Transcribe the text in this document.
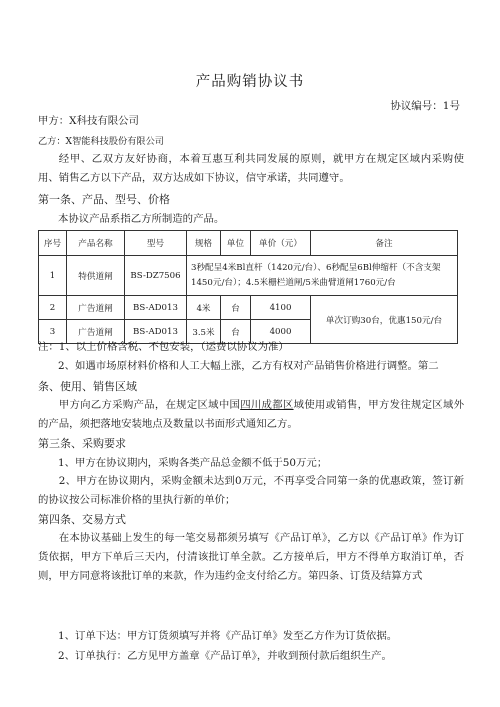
产品购销协议书
协议编号：1号
甲方：X科技有限公司
乙方：X智能科技股份有限公司
经甲、乙双方友好协商，本着互惠互利共同发展的原则，就甲方在规定区域内采购使用、销售乙方以下产品，双方达成如下协议，信守承诺，共同遵守。
第一条、产品、型号、价格
本协议产品系指乙方所制造的产品。
序号	产品名称	型号	规格	单位	单价（元）	备注
1	特供道闸	BS-DZ7506	3秒配呈4米Bl直杆（1420元/台）、6秒配呈6Bl伸缩杆（不含支架1450元/台）；4.5米栅栏道闸/5米曲臂道闸1760元/台			
2	广告道闸	BS-AD013	4米	台	4100	单次订购30台，优惠150元/台
3	广告道闸	BS-AD013	3.5米	台	4000	
注：1、以上价格含税、不包安装，（运费以协议为准）
2、如遇市场原材料价格和人工大幅上涨，乙方有权对产品销售价格进行调整。第二
条、使用、销售区域
甲方向乙方采购产品，在规定区域中国四川成都区域使用或销售，甲方发往规定区域外的产品，须把落地安装地点及数量以书面形式通知乙方。
第三条、采购要求
1、甲方在协议期内，采购各类产品总金额不低于50万元；
2、甲方在协议期内，采购金额未达到0万元，不再享受合同第一条的优惠政策，签订新的协议按公司标准价格的里执行新的单价；
第四条、交易方式
在本协议基础上发生的每一笔交易都须另填写《产品订单》，乙方以《产品订单》作为订货依据，甲方下单后三天内，付清该批订单全款。乙方接单后，甲方不得单方取消订单，否则，甲方同意将该批订单的来款，作为违约金支付给乙方。第四条、订货及结算方式
1、订单下达：甲方订货须填写并将《产品订单》发至乙方作为订货依据。
2、订单执行：乙方见甲方盖章《产品订单》，并收到预付款后组织生产。
